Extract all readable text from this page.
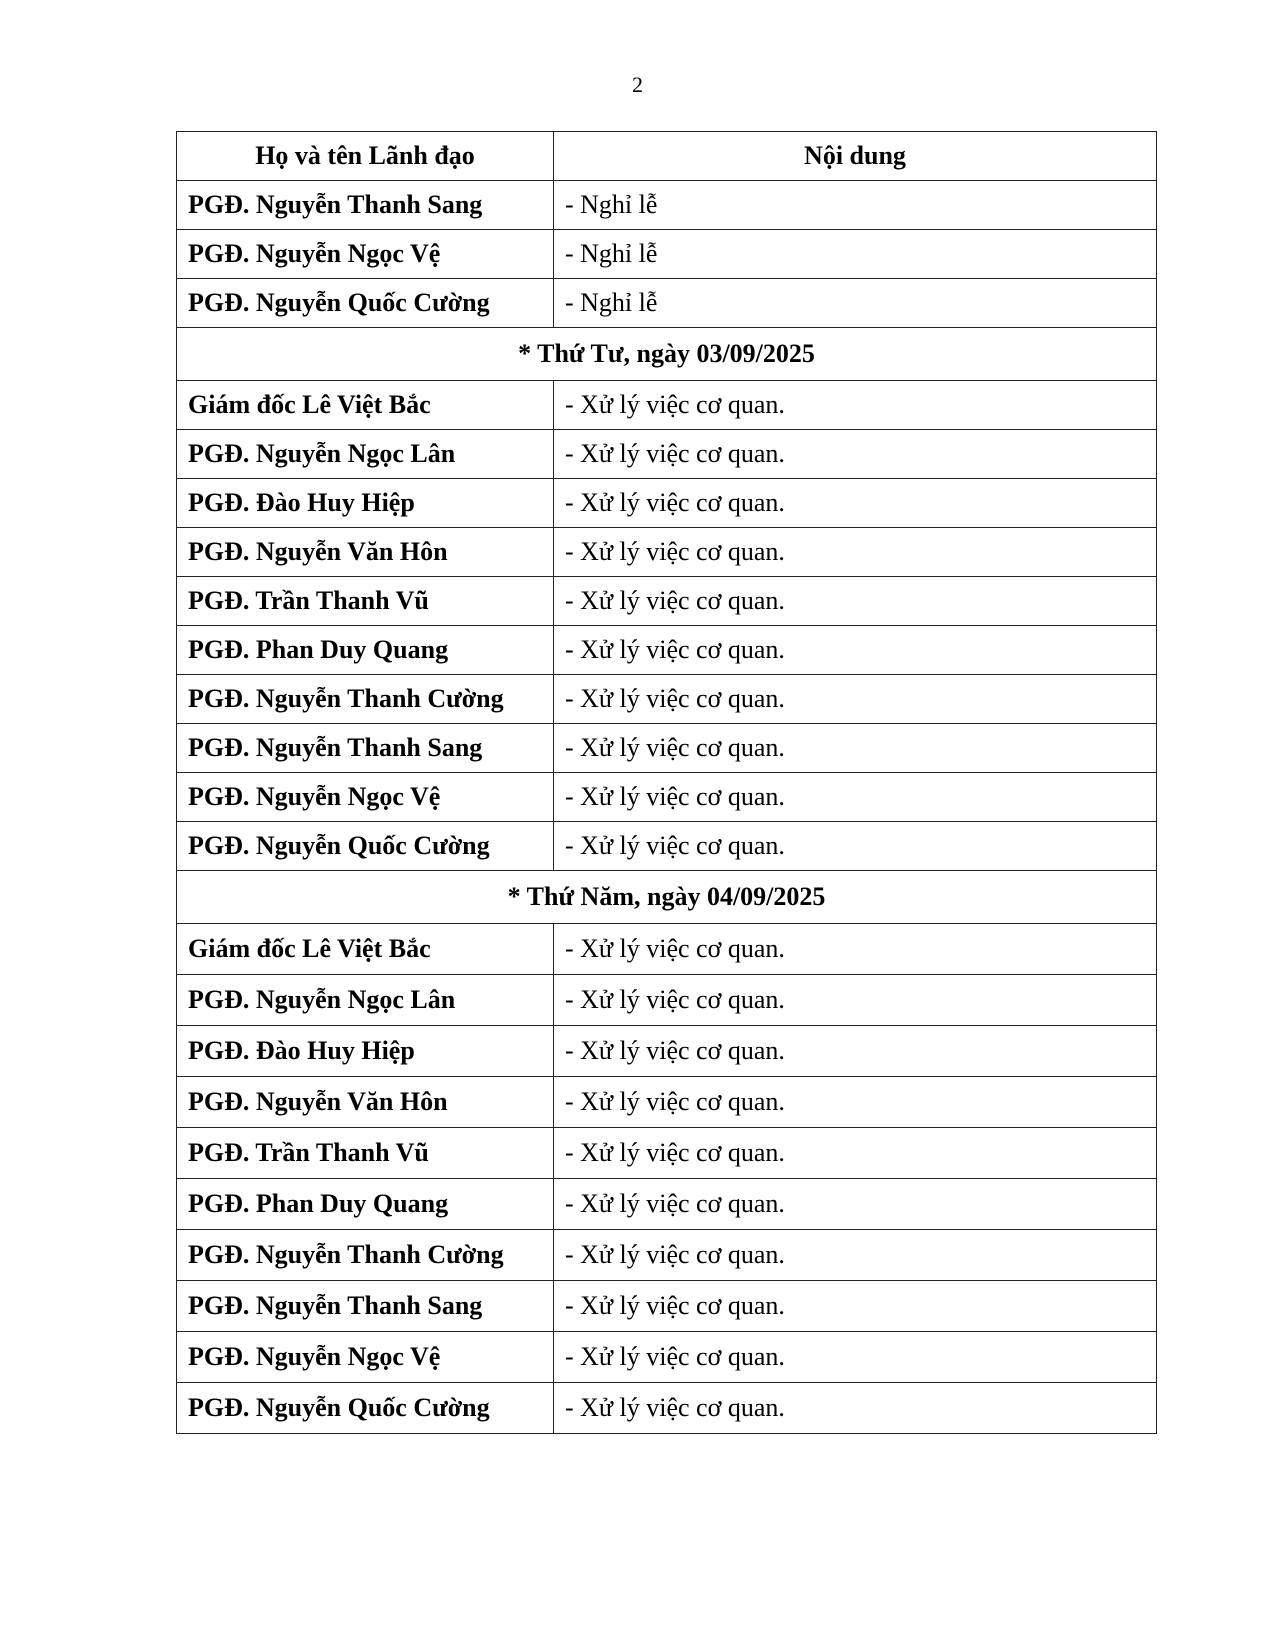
2
Họ và tên Lãnh đạo	Nội dung
PGĐ. Nguyễn Thanh Sang	- Nghỉ lễ
PGĐ. Nguyễn Ngọc Vệ	- Nghỉ lễ
PGĐ. Nguyễn Quốc Cường	- Nghỉ lễ
* Thứ Tư, ngày 03/09/2025	
Giám đốc Lê Việt Bắc	- Xử lý việc cơ quan.
PGĐ. Nguyễn Ngọc Lân	- Xử lý việc cơ quan.
PGĐ. Đào Huy Hiệp	- Xử lý việc cơ quan.
PGĐ. Nguyễn Văn Hôn	- Xử lý việc cơ quan.
PGĐ. Trần Thanh Vũ	- Xử lý việc cơ quan.
PGĐ. Phan Duy Quang	- Xử lý việc cơ quan.
PGĐ. Nguyễn Thanh Cường	- Xử lý việc cơ quan.
PGĐ. Nguyễn Thanh Sang	- Xử lý việc cơ quan.
PGĐ. Nguyễn Ngọc Vệ	- Xử lý việc cơ quan.
PGĐ. Nguyễn Quốc Cường	- Xử lý việc cơ quan.
* Thứ Năm, ngày 04/09/2025	
Giám đốc Lê Việt Bắc	- Xử lý việc cơ quan.
PGĐ. Nguyễn Ngọc Lân	- Xử lý việc cơ quan.
PGĐ. Đào Huy Hiệp	- Xử lý việc cơ quan.
PGĐ. Nguyễn Văn Hôn	- Xử lý việc cơ quan.
PGĐ. Trần Thanh Vũ	- Xử lý việc cơ quan.
PGĐ. Phan Duy Quang	- Xử lý việc cơ quan.
PGĐ. Nguyễn Thanh Cường	- Xử lý việc cơ quan.
PGĐ. Nguyễn Thanh Sang	- Xử lý việc cơ quan.
PGĐ. Nguyễn Ngọc Vệ	- Xử lý việc cơ quan.
PGĐ. Nguyễn Quốc Cường	- Xử lý việc cơ quan.
